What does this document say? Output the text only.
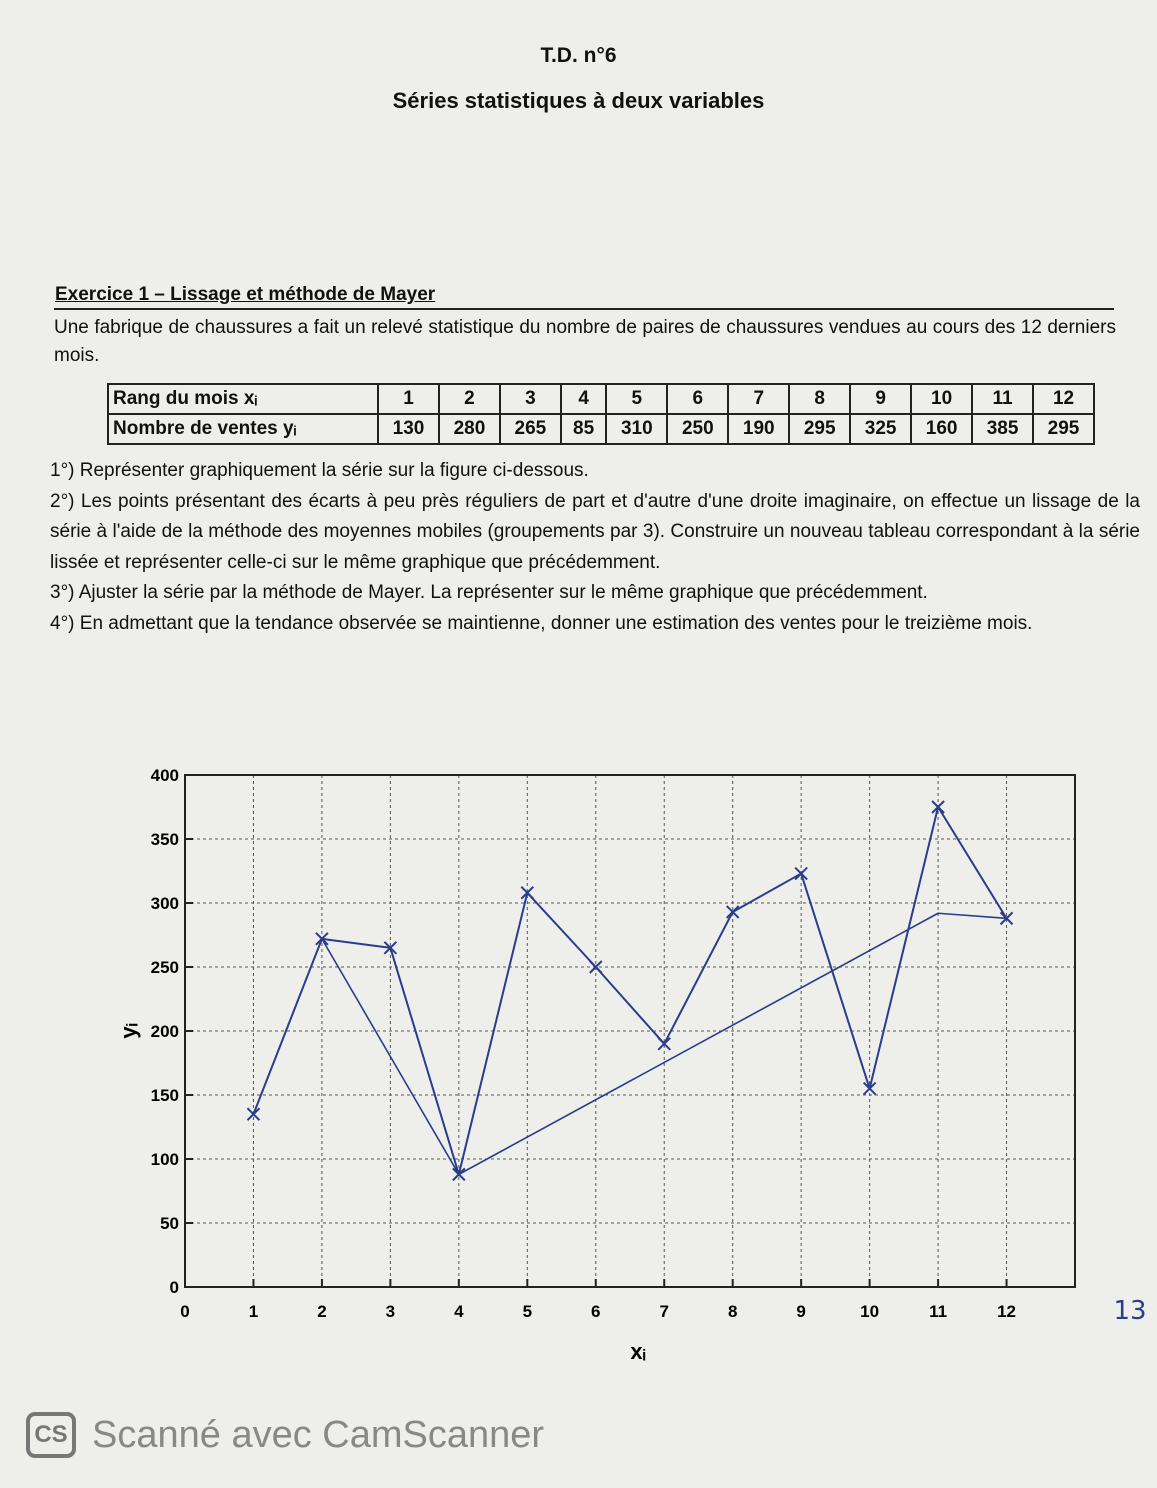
T.D. n°6
Séries statistiques à deux variables
Exercice 1 – Lissage et méthode de Mayer
Une fabrique de chaussures a fait un relevé statistique du nombre de paires de chaussures vendues au cours des 12 derniers mois.
Rang du mois xᵢ	1	2	3	4	5	6	7	8	9	10	11	12
Nombre de ventes yᵢ	130	280	265	85	310	250	190	295	325	160	385	295

1°) Représenter graphiquement la série sur la figure ci-dessous.

2°) Les points présentant des écarts à peu près réguliers de part et d'autre d'une droite imaginaire, on effectue un lissage de la série à l'aide de la méthode des moyennes mobiles (groupements par 3). Construire un nouveau tableau correspondant à la série lissée et représenter celle-ci sur le même graphique que précédemment.

3°) Ajuster la série par la méthode de Mayer. La représenter sur le même graphique que précédemment.

4°) En admettant que la tendance observée se maintienne, donner une estimation des ventes pour le treizième mois.

0	1	2	3	4	5	6	7	8	9	10	11	12
0
50
100
150
200
250
300
350
400
13
xᵢ
yᵢ
CS Scanné avec CamScanner
